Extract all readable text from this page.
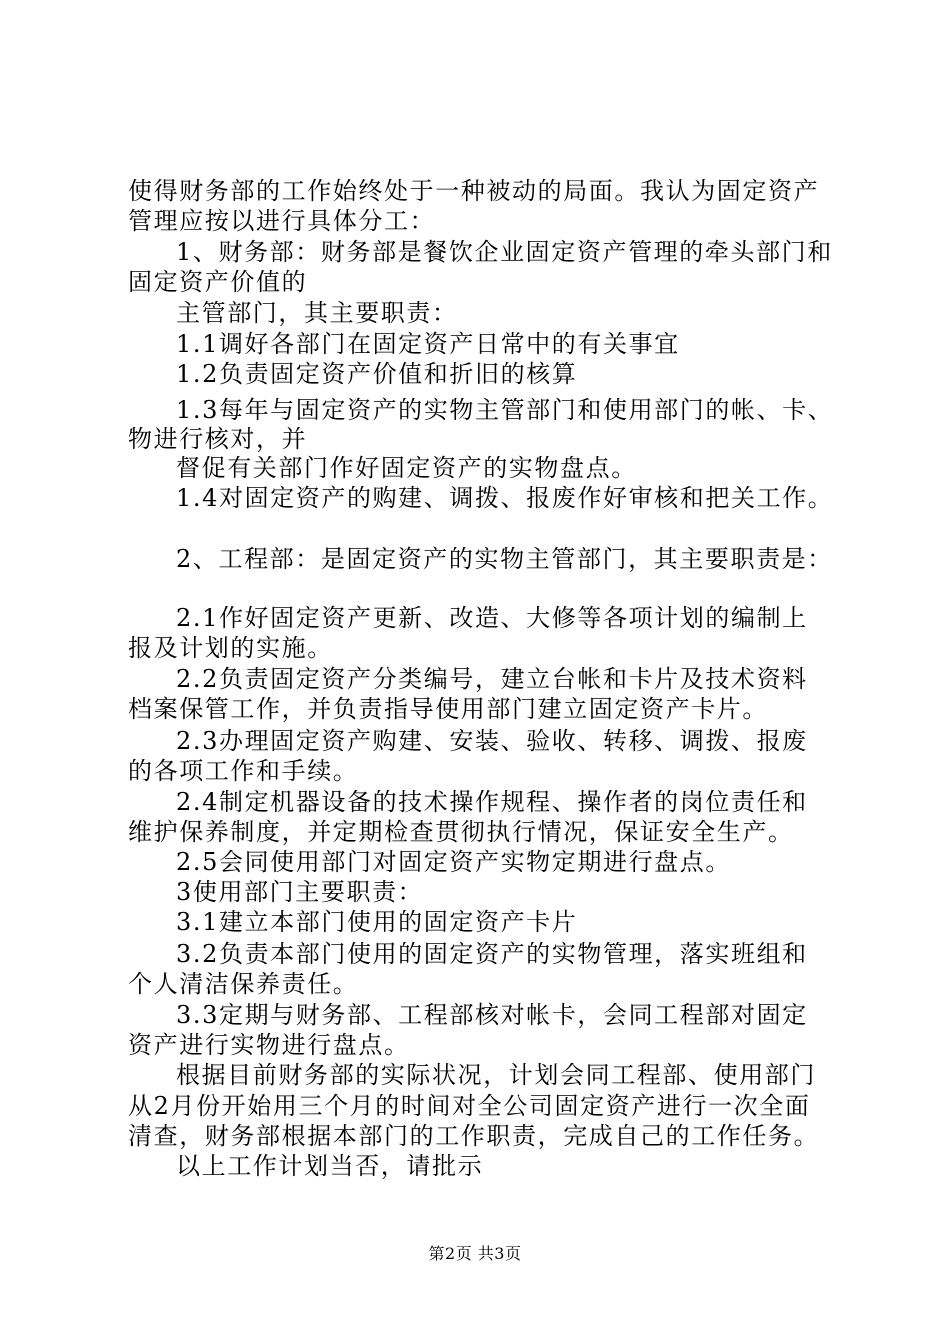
使得财务部的工作始终处于一种被动的局面。我认为固定资产
管理应按以进行具体分工：
1、财务部：财务部是餐饮企业固定资产管理的牵头部门和
固定资产价值的
主管部门，其主要职责：
1.1调好各部门在固定资产日常中的有关事宜
1.2负责固定资产价值和折旧的核算
1.3每年与固定资产的实物主管部门和使用部门的帐、卡、
物进行核对，并
督促有关部门作好固定资产的实物盘点。
1.4对固定资产的购建、调拨、报废作好审核和把关工作。
2、工程部：是固定资产的实物主管部门，其主要职责是：
2.1作好固定资产更新、改造、大修等各项计划的编制上
报及计划的实施。
2.2负责固定资产分类编号，建立台帐和卡片及技术资料
档案保管工作，并负责指导使用部门建立固定资产卡片。
2.3办理固定资产购建、安装、验收、转移、调拨、报废
的各项工作和手续。
2.4制定机器设备的技术操作规程、操作者的岗位责任和
维护保养制度，并定期检查贯彻执行情况，保证安全生产。
2.5会同使用部门对固定资产实物定期进行盘点。
3使用部门主要职责：
3.1建立本部门使用的固定资产卡片
3.2负责本部门使用的固定资产的实物管理，落实班组和
个人清洁保养责任。
3.3定期与财务部、工程部核对帐卡，会同工程部对固定
资产进行实物进行盘点。
根据目前财务部的实际状况，计划会同工程部、使用部门
从2月份开始用三个月的时间对全公司固定资产进行一次全面
清查，财务部根据本部门的工作职责，完成自己的工作任务。
以上工作计划当否，请批示
第2页 共3页
